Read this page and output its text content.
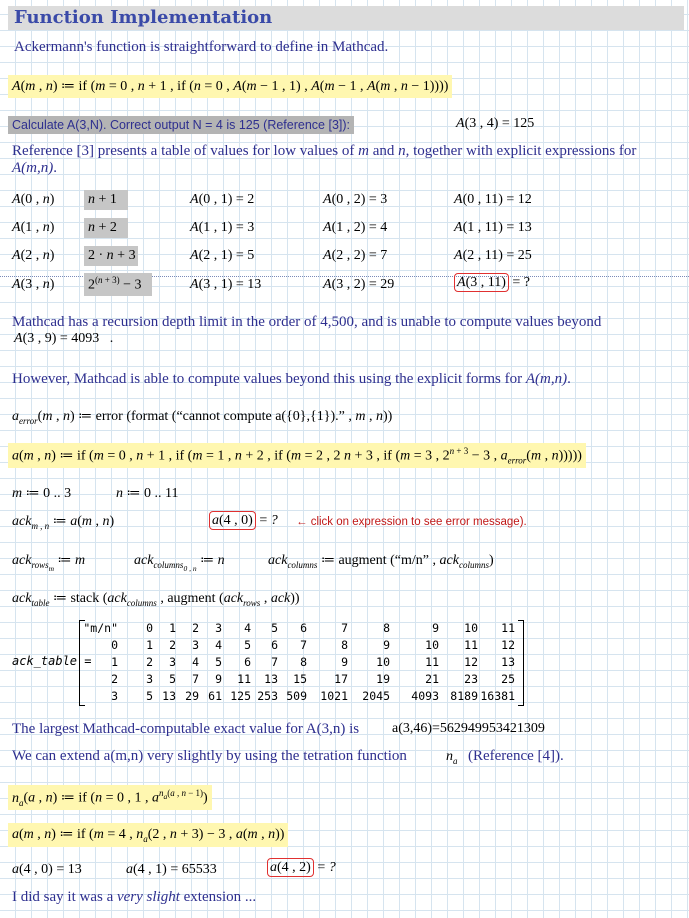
Function Implementation
Ackermann's function is straightforward to define in Mathcad.
A(m , n) ≔ if (m = 0 , n + 1 , if (n = 0 , A(m − 1 , 1) , A(m − 1 , A(m , n − 1))))
Calculate A(3,N). Correct output N = 4 is 125 (Reference [3]):	A(3 , 4) = 125
Reference [3] presents a table of values for low values of m and n, together with explicit expressions for
A(m,n).
A(0 , n) n + 1	A(0 , 1) = 2	A(0 , 2) = 3	A(0 , 11) = 12
A(1 , n) n + 2	A(1 , 1) = 3	A(1 , 2) = 4	A(1 , 11) = 13
A(2 , n) 2 · n + 3	A(2 , 1) = 5	A(2 , 2) = 7	A(2 , 11) = 25
A(3 , n) $2^{(n + 3)} - 3$	A(3 , 1) = 13	A(3 , 2) = 29	A(3 , 11) = ?
Mathcad has a recursion depth limit in the order of 4,500, and is unable to compute values beyond
A(3 , 9) = 4093   .
However, Mathcad is able to compute values beyond this using the explicit forms for A(m,n).
$a_{error}(m$ , n) ≔ error (format (“cannot compute a({0},{1}).” , m , n))
a(m , n) ≔ if (m = 0 , n + 1 , if (m = 1 , n + 2 , if (m = 2 , 2 n + 3 , if (m = 3 , $2^{n + 3} - 3$ , $a_{error}(m$ , n)))))
m ≔ 0 .. 3	n ≔ 0 .. 11
ack$_{m , n}$ ≔ a(m , n)	a(4 , 0) = ? ← click on expression to see error message).
ack$_{rows_m}$ ≔ m	ack$_{columns_{0 , n}}$ ≔ n	ack$_{columns}$ ≔ augment (“m/n” , ack$_{columns}$)
ack$_{table}$ ≔ stack (ack$_{columns}$ , augment (ack$_{rows}$ , ack))
ack_table =
"m/n"	0	1	2	3	4	5	6	7	8	9	10	11
0	1	2	3	4	5	6	7	8	9	10	11	12
1	2	3	4	5	6	7	8	9	10	11	12	13
2	3	5	7	9	11	13	15	17	19	21	23	25
3	5 13 29 61 125 253 509	1021	2045	4093 8189 16381
The largest Mathcad-computable exact value for A(3,n) is a(3,46)=562949953421309
We can extend a(m,n) very slightly by using the tetration function	$n_a$ (Reference [4]).
$n_a(a$ , n) ≔ if (n = 0 , 1 , $a^{n_a(a , n - 1)}$)
a(m , n) ≔ if (m = 4 , $n_a(2$ , n + 3) − 3 , a(m , n))
a(4 , 0) = 13	a(4 , 1) = 65533	a(4 , 2) = ?
I did say it was a very slight extension ...
